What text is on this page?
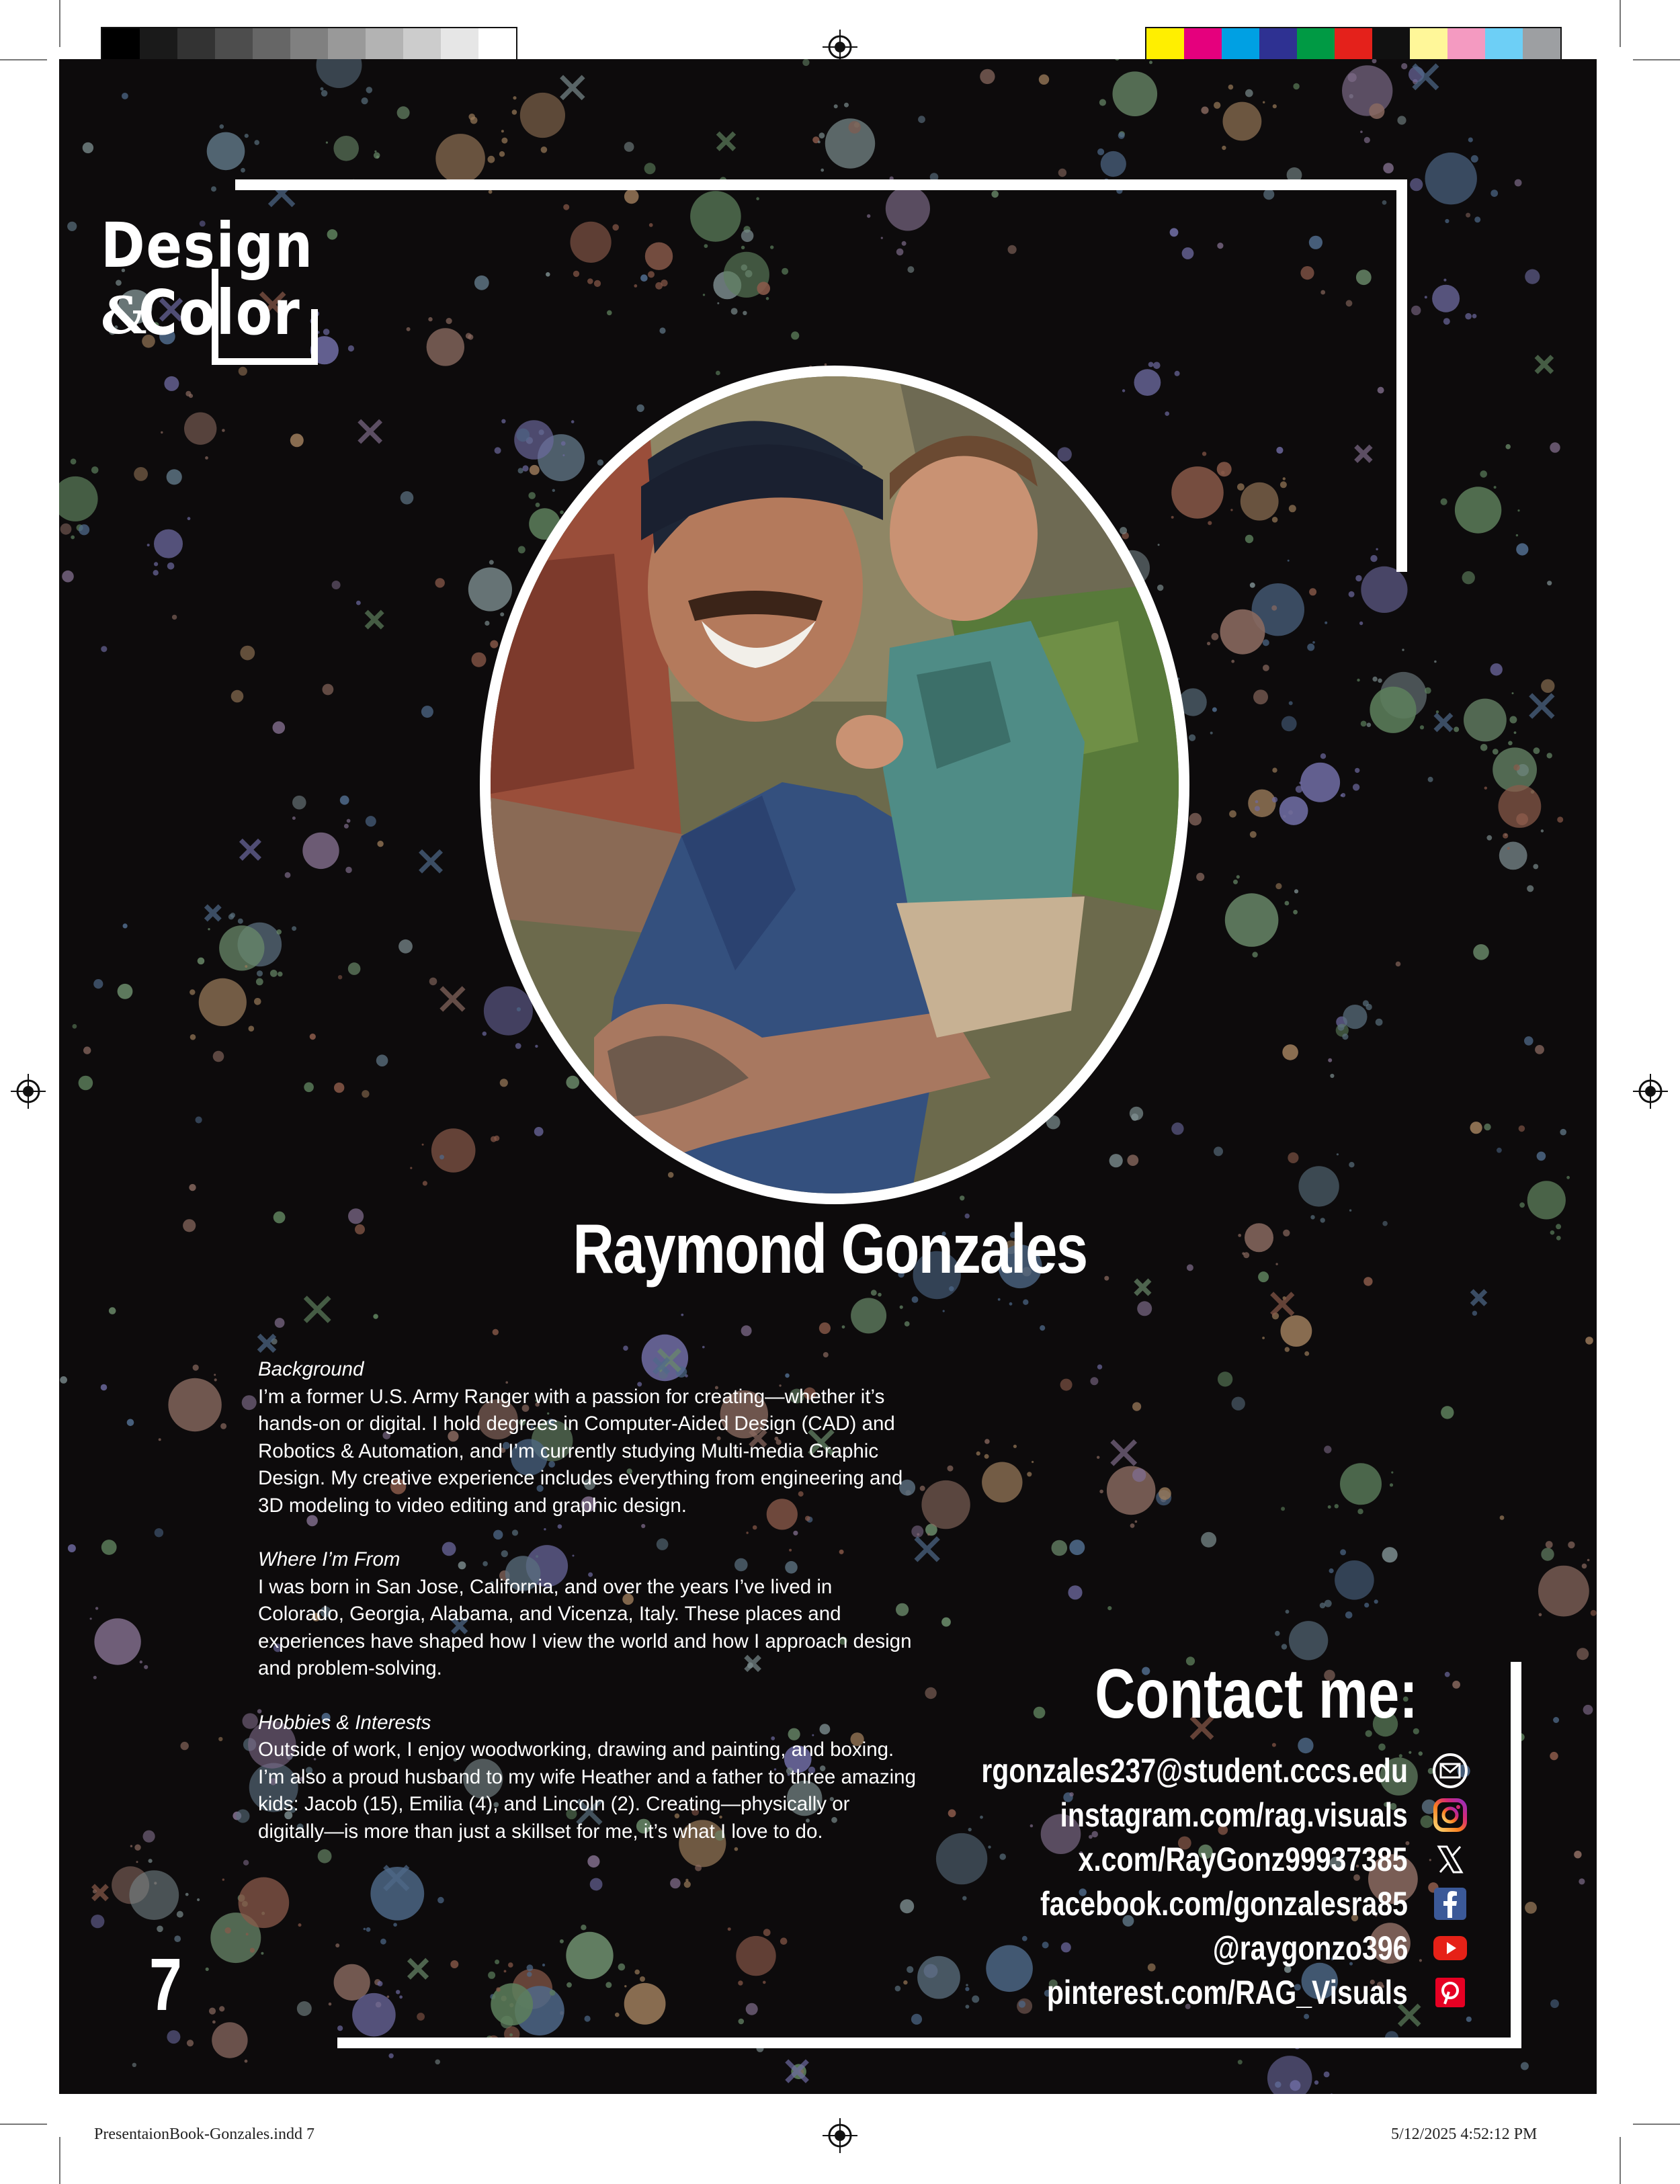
Design
&
Color
Raymond Gonzales
Background
I’m a former U.S. Army Ranger with a passion for creating—whether it’s hands-on or digital. I hold degrees in Computer-Aided Design (CAD) and Robotics & Automation, and I’m currently studying Multi-media Graphic Design. My creative experience includes everything from engineering and 3D modeling to video editing and graphic design.
Where I’m From
I was born in San Jose, California, and over the years I’ve lived in Colorado, Georgia, Alabama, and Vicenza, Italy. These places and experiences have shaped how I view the world and how I approach design and problem-solving.
Hobbies & Interests
Outside of work, I enjoy woodworking, drawing and painting, and boxing. I’m also a proud husband to my wife Heather and a father to three amazing kids: Jacob (15), Emilia (4), and Lincoln (2). Creating—physically or digitally—is more than just a skillset for me, it’s what I love to do.
7
Contact me:
rgonzales237@student.cccs.edu
instagram.com/rag.visuals
x.com/RayGonz99937385
facebook.com/gonzalesra85
@raygonzo396
pinterest.com/RAG_Visuals
PresentaionBook-Gonzales.indd 7	5/12/2025 4:52:12 PM
